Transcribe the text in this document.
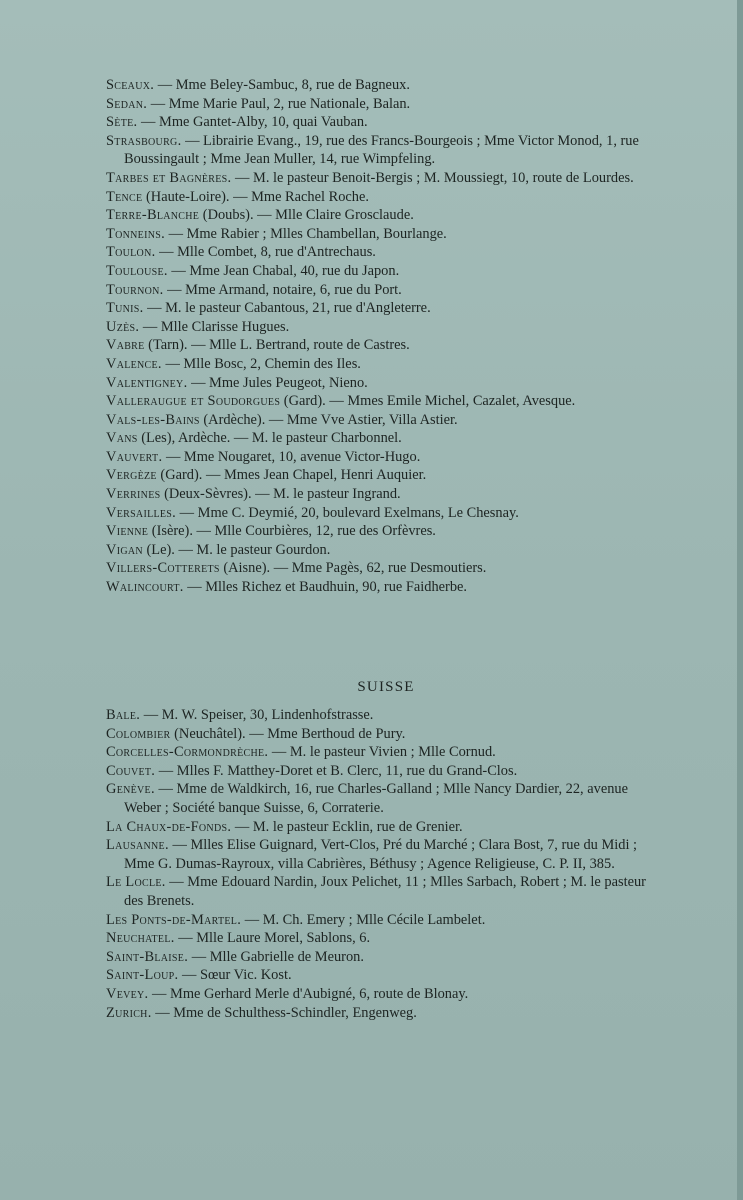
Sceaux. — Mme Beley-Sambuc, 8, rue de Bagneux.

Sedan. — Mme Marie Paul, 2, rue Nationale, Balan.

Sète. — Mme Gantet-Alby, 10, quai Vauban.

Strasbourg. — Librairie Evang., 19, rue des Francs-Bourgeois ; Mme Victor Monod, 1, rue Boussingault ; Mme Jean Muller, 14, rue Wimpfeling.

Tarbes et Bagnères. — M. le pasteur Benoit-Bergis ; M. Moussiegt, 10, route de Lourdes.

Tence (Haute-Loire). — Mme Rachel Roche.

Terre-Blanche (Doubs). — Mlle Claire Grosclaude.

Tonneins. — Mme Rabier ; Mlles Chambellan, Bourlange.

Toulon. — Mlle Combet, 8, rue d'Antrechaus.

Toulouse. — Mme Jean Chabal, 40, rue du Japon.

Tournon. — Mme Armand, notaire, 6, rue du Port.

Tunis. — M. le pasteur Cabantous, 21, rue d'Angleterre.

Uzès. — Mlle Clarisse Hugues.

Vabre (Tarn). — Mlle L. Bertrand, route de Castres.

Valence. — Mlle Bosc, 2, Chemin des Iles.

Valentigney. — Mme Jules Peugeot, Nieno.

Valleraugue et Soudorgues (Gard). — Mmes Emile Michel, Cazalet, Avesque.

Vals-les-Bains (Ardèche). — Mme Vve Astier, Villa Astier.

Vans (Les), Ardèche. — M. le pasteur Charbonnel.

Vauvert. — Mme Nougaret, 10, avenue Victor-Hugo.

Vergèze (Gard). — Mmes Jean Chapel, Henri Auquier.

Verrines (Deux-Sèvres). — M. le pasteur Ingrand.

Versailles. — Mme C. Deymié, 20, boulevard Exelmans, Le Chesnay.

Vienne (Isère). — Mlle Courbières, 12, rue des Orfèvres.

Vigan (Le). — M. le pasteur Gourdon.

Villers-Cotterets (Aisne). — Mme Pagès, 62, rue Desmoutiers.

Walincourt. — Mlles Richez et Baudhuin, 90, rue Faidherbe.

SUISSE

Bale. — M. W. Speiser, 30, Lindenhofstrasse.

Colombier (Neuchâtel). — Mme Berthoud de Pury.

Corcelles-Cormondrèche. — M. le pasteur Vivien ; Mlle Cornud.

Couvet. — Mlles F. Matthey-Doret et B. Clerc, 11, rue du Grand-Clos.

Genève. — Mme de Waldkirch, 16, rue Charles-Galland ; Mlle Nancy Dardier, 22, avenue Weber ; Société banque Suisse, 6, Corraterie.

La Chaux-de-Fonds. — M. le pasteur Ecklin, rue de Grenier.

Lausanne. — Mlles Elise Guignard, Vert-Clos, Pré du Marché ; Clara Bost, 7, rue du Midi ; Mme G. Dumas-Rayroux, villa Cabrières, Béthusy ; Agence Religieuse, C. P. II, 385.

Le Locle. — Mme Edouard Nardin, Joux Pelichet, 11 ; Mlles Sarbach, Robert ; M. le pasteur des Brenets.

Les Ponts-de-Martel. — M. Ch. Emery ; Mlle Cécile Lambelet.

Neuchatel. — Mlle Laure Morel, Sablons, 6.

Saint-Blaise. — Mlle Gabrielle de Meuron.

Saint-Loup. — Sœur Vic. Kost.

Vevey. — Mme Gerhard Merle d'Aubigné, 6, route de Blonay.

Zurich. — Mme de Schulthess-Schindler, Engenweg.
